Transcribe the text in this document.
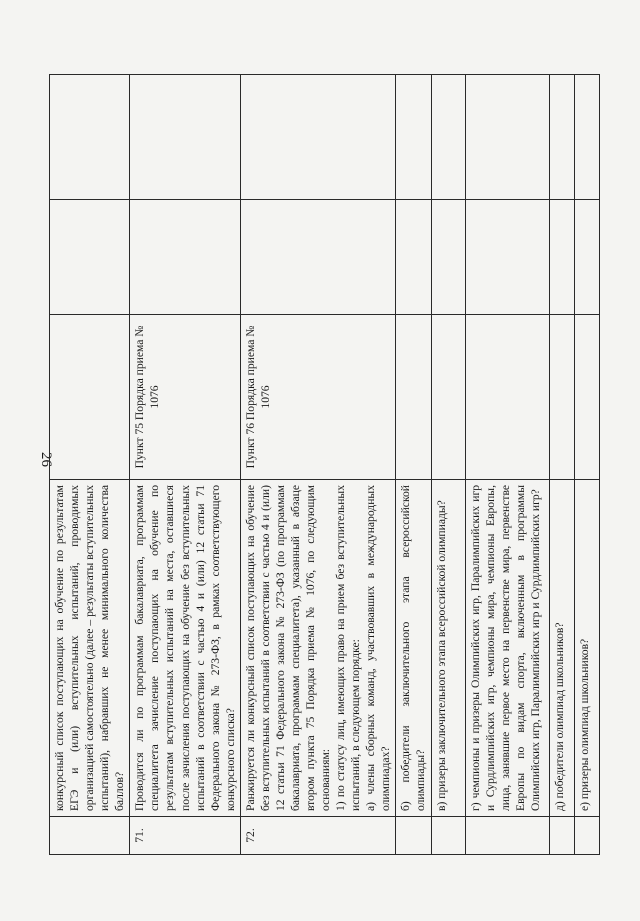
26
	конкурсный список поступающих на обучение по результатам ЕГЭ и (или) вступительных испытаний, проводимых организацией самостоятельно (далее – результаты вступительных испытаний), набравших не менее минимального количества баллов?			
71.	Проводится ли по программам бакалавриата, программам специалитета зачисление поступающих на обучение по результатам вступительных испытаний на места, оставшиеся после зачисления поступающих на обучение без вступительных испытаний в соответствии с частью 4 и (или) 12 статьи 71 Федерального закона № 273-ФЗ, в рамках соответствующего конкурсного списка?	Пункт 75 Порядка приема № 1076		
72.	Ранжируется ли конкурсный список поступающих на обучение без вступительных испытаний в соответствии с частью 4 и (или) 12 статьи 71 Федерального закона № 273-ФЗ (по программам бакалавриата, программам специалитета), указанный в абзаце втором пункта 75 Порядка приема № 1076, по следующим основаниям: 1) по статусу лиц, имеющих право на прием без вступительных испытаний, в следующем порядке: а) члены сборных команд, участвовавших в международных олимпиадах?	Пункт 76 Порядка приема № 1076		
	б) победители заключительного этапа всероссийской олимпиады?			
	в) призеры заключительного этапа всероссийской олимпиады?			
	г) чемпионы и призеры Олимпийских игр, Паралимпийских игр и Сурдлимпийских игр, чемпионы мира, чемпионы Европы, лица, занявшие первое место на первенстве мира, первенстве Европы по видам спорта, включенным в программы Олимпийских игр, Паралимпийских игр и Сурдлимпийских игр?			
	д) победители олимпиад школьников?			
	е) призеры олимпиад школьников?			
